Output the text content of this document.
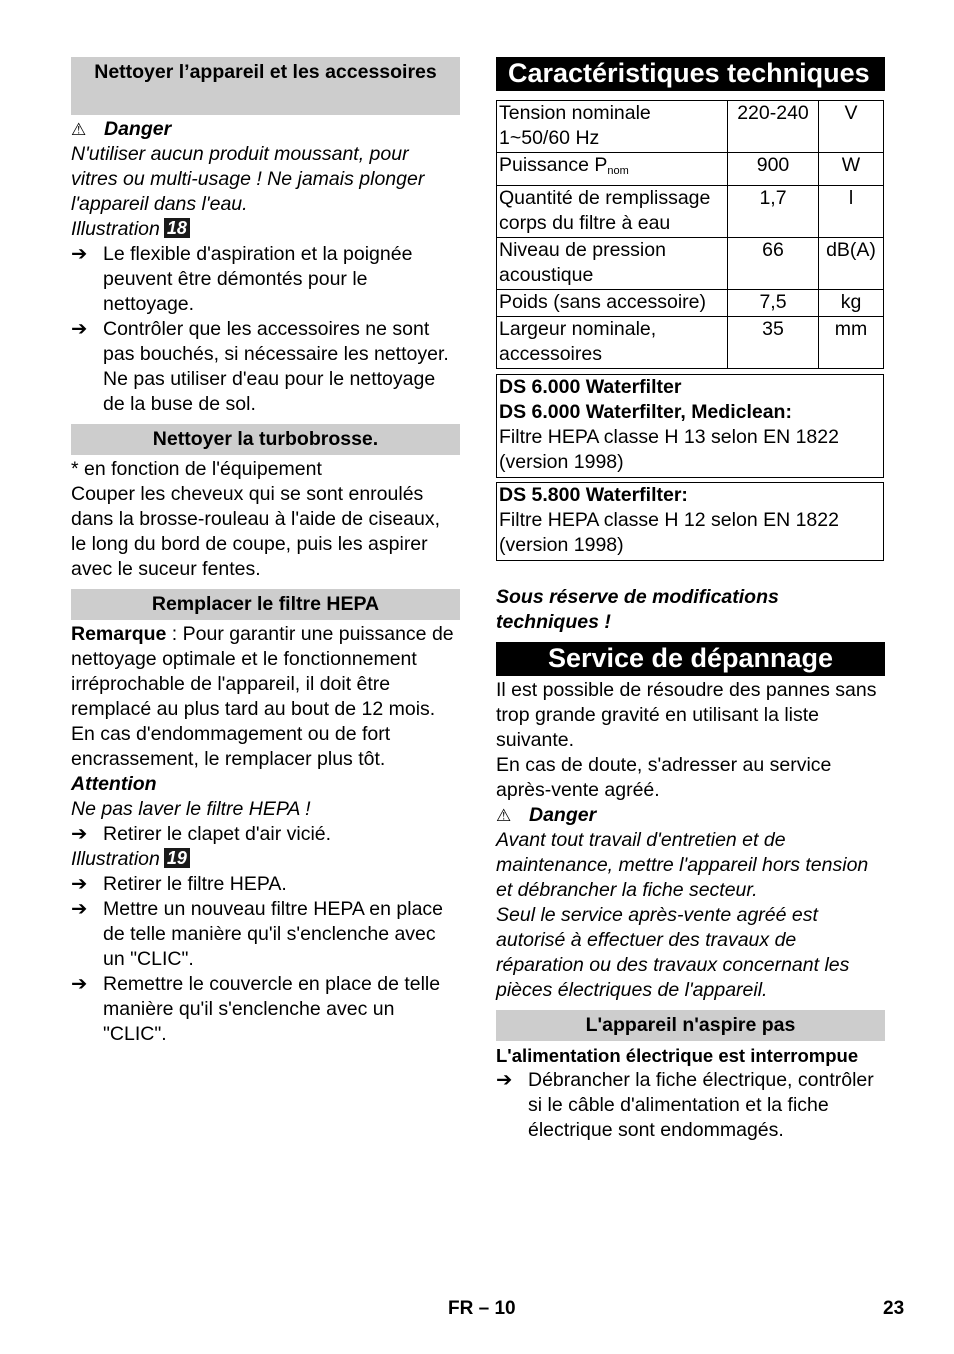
Nettoyer l’appareil et les accessoires
⚠ Danger
N'utiliser aucun produit moussant, pour vitres ou multi-usage ! Ne jamais plonger l'appareil dans l'eau.
Illustration 18
➔ Le flexible d'aspiration et la poignée peuvent être démontés pour le nettoyage.
➔ Contrôler que les accessoires ne sont pas bouchés, si nécessaire les nettoyer. Ne pas utiliser d'eau pour le nettoyage de la buse de sol.
Nettoyer la turbobrosse.
* en fonction de l'équipement
Couper les cheveux qui se sont enroulés dans la brosse-rouleau à l'aide de ciseaux, le long du bord de coupe, puis les aspirer avec le suceur fentes.
Remplacer le filtre HEPA
Remarque : Pour garantir une puissance de nettoyage optimale et le fonctionnement irréprochable de l'appareil, il doit être remplacé au plus tard au bout de 12 mois. En cas d'endommagement ou de fort encrassement, le remplacer plus tôt.
Attention
Ne pas laver le filtre HEPA !
➔ Retirer le clapet d'air vicié.
Illustration 19
➔ Retirer le filtre HEPA.
➔ Mettre un nouveau filtre HEPA en place de telle manière qu'il s'enclenche avec un "CLIC".
➔ Remettre le couvercle en place de telle manière qu'il s'enclenche avec un "CLIC".
Caractéristiques techniques
Tension nominale 1~50/60 Hz	220-240	V
Puissance $P_{nom}$	900	W
Quantité de remplissage corps du filtre à eau	1,7	l
Niveau de pression acoustique	66	dB(A)
Poids (sans accessoire)	7,5	kg
Largeur nominale, accessoires	35	mm
DS 6.000 Waterfilter
DS 6.000 Waterfilter, Mediclean:
Filtre HEPA classe H 13 selon EN 1822 (version 1998)
DS 5.800 Waterfilter:
Filtre HEPA classe H 12 selon EN 1822 (version 1998)
Sous réserve de modifications techniques !
Service de dépannage
Il est possible de résoudre des pannes sans trop grande gravité en utilisant la liste suivante.
En cas de doute, s'adresser au service après-vente agréé.
⚠ Danger
Avant tout travail d'entretien et de maintenance, mettre l'appareil hors tension et débrancher la fiche secteur.
Seul le service après-vente agréé est autorisé à effectuer des travaux de réparation ou des travaux concernant les pièces électriques de l'appareil.
L'appareil n'aspire pas
L'alimentation électrique est interrompue
➔ Débrancher la fiche électrique, contrôler si le câble d'alimentation et la fiche électrique sont endommagés.
FR – 10	23
